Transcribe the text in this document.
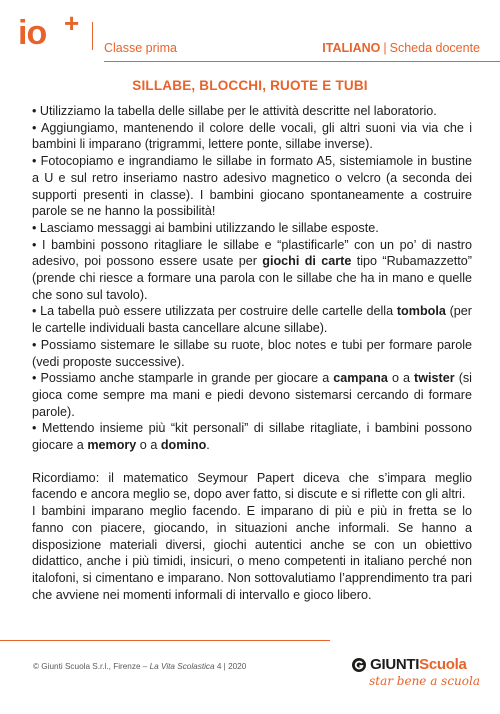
io +
Classe prima	ITALIANO | Scheda docente
SILLABE, BLOCCHI, RUOTE E TUBI

• Utilizziamo la tabella delle sillabe per le attività descritte nel laboratorio.

• Aggiungiamo, mantenendo il colore delle vocali, gli altri suoni via via che i bambini li imparano (trigrammi, lettere ponte, sillabe inverse).

• Fotocopiamo e ingrandiamo le sillabe in formato A5, sistemiamole in bustine a U e sul retro inseriamo nastro adesivo magnetico o velcro (a seconda dei supporti presenti in classe). I bambini giocano spontaneamente a costruire parole se ne hanno la possibilità!

• Lasciamo messaggi ai bambini utilizzando le sillabe esposte.

• I bambini possono ritagliare le sillabe e “plastificarle” con un po’ di nastro adesivo, poi possono essere usate per giochi di carte tipo “Rubamazzetto” (prende chi riesce a formare una parola con le sillabe che ha in mano e quelle che sono sul tavolo).

• La tabella può essere utilizzata per costruire delle cartelle della tombola (per le cartelle individuali basta cancellare alcune sillabe).

• Possiamo sistemare le sillabe su ruote, bloc notes e tubi per formare parole (vedi proposte successive).

• Possiamo anche stamparle in grande per giocare a campana o a twister (si gioca come sempre ma mani e piedi devono sistemarsi cercando di formare parole).

• Mettendo insieme più “kit personali” di sillabe ritagliate, i bambini possono giocare a memory o a domino.

Ricordiamo: il matematico Seymour Papert diceva che s’impara meglio facendo e ancora meglio se, dopo aver fatto, si discute e si riflette con gli altri.

I bambini imparano meglio facendo. E imparano di più e più in fretta se lo fanno con piacere, giocando, in situazioni anche informali. Se hanno a disposizione materiali diversi, giochi autentici anche se con un obiettivo didattico, anche i più timidi, insicuri, o meno competenti in italiano perché non italofoni, si cimentano e imparano. Non sottovalutiamo l’apprendimento tra pari che avviene nei momenti informali di intervallo e gioco libero.

© Giunti Scuola S.r.l., Firenze – La Vita Scolastica 4 | 2020	GIUNTIScuola
star bene a scuola
